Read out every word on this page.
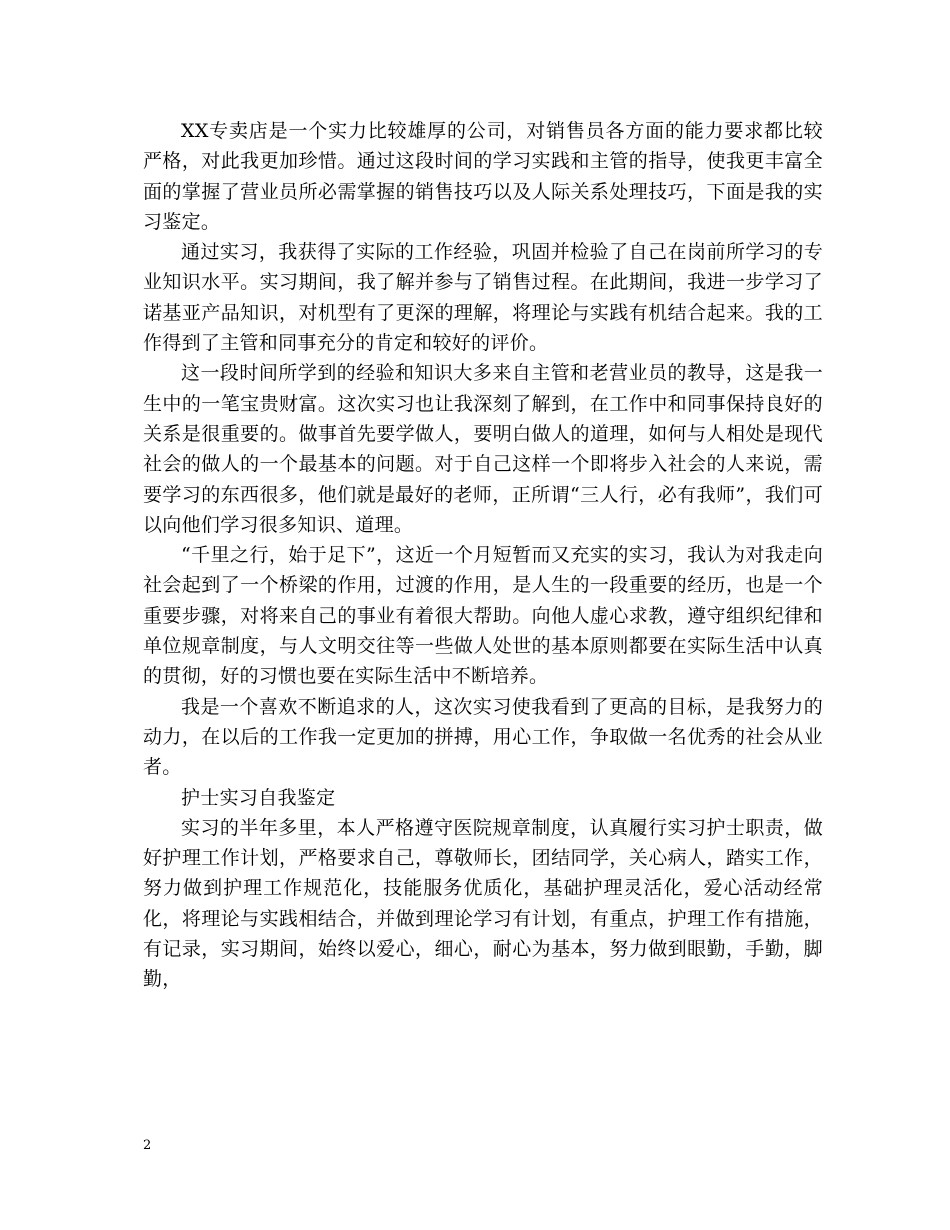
XX专卖店是一个实力比较雄厚的公司，对销售员各方面的能力要求都比较严格，对此我更加珍惜。通过这段时间的学习实践和主管的指导，使我更丰富全面的掌握了营业员所必需掌握的销售技巧以及人际关系处理技巧，下面是我的实习鉴定。

通过实习，我获得了实际的工作经验，巩固并检验了自己在岗前所学习的专业知识水平。实习期间，我了解并参与了销售过程。在此期间，我进一步学习了诺基亚产品知识，对机型有了更深的理解，将理论与实践有机结合起来。我的工作得到了主管和同事充分的肯定和较好的评价。

这一段时间所学到的经验和知识大多来自主管和老营业员的教导，这是我一生中的一笔宝贵财富。这次实习也让我深刻了解到，在工作中和同事保持良好的关系是很重要的。做事首先要学做人，要明白做人的道理，如何与人相处是现代社会的做人的一个最基本的问题。对于自己这样一个即将步入社会的人来说，需要学习的东西很多，他们就是最好的老师，正所谓“三人行，必有我师”，我们可以向他们学习很多知识、道理。

“千里之行，始于足下”，这近一个月短暂而又充实的实习，我认为对我走向社会起到了一个桥梁的作用，过渡的作用，是人生的一段重要的经历，也是一个重要步骤，对将来自己的事业有着很大帮助。向他人虚心求教，遵守组织纪律和单位规章制度，与人文明交往等一些做人处世的基本原则都要在实际生活中认真的贯彻，好的习惯也要在实际生活中不断培养。

我是一个喜欢不断追求的人，这次实习使我看到了更高的目标，是我努力的动力，在以后的工作我一定更加的拼搏，用心工作，争取做一名优秀的社会从业者。

护士实习自我鉴定

实习的半年多里，本人严格遵守医院规章制度，认真履行实习护士职责，做好护理工作计划，严格要求自己，尊敬师长，团结同学，关心病人，踏实工作，努力做到护理工作规范化，技能服务优质化，基础护理灵活化，爱心活动经常化，将理论与实践相结合，并做到理论学习有计划，有重点，护理工作有措施，有记录，实习期间，始终以爱心，细心，耐心为基本，努力做到眼勤，手勤，脚勤，

2
